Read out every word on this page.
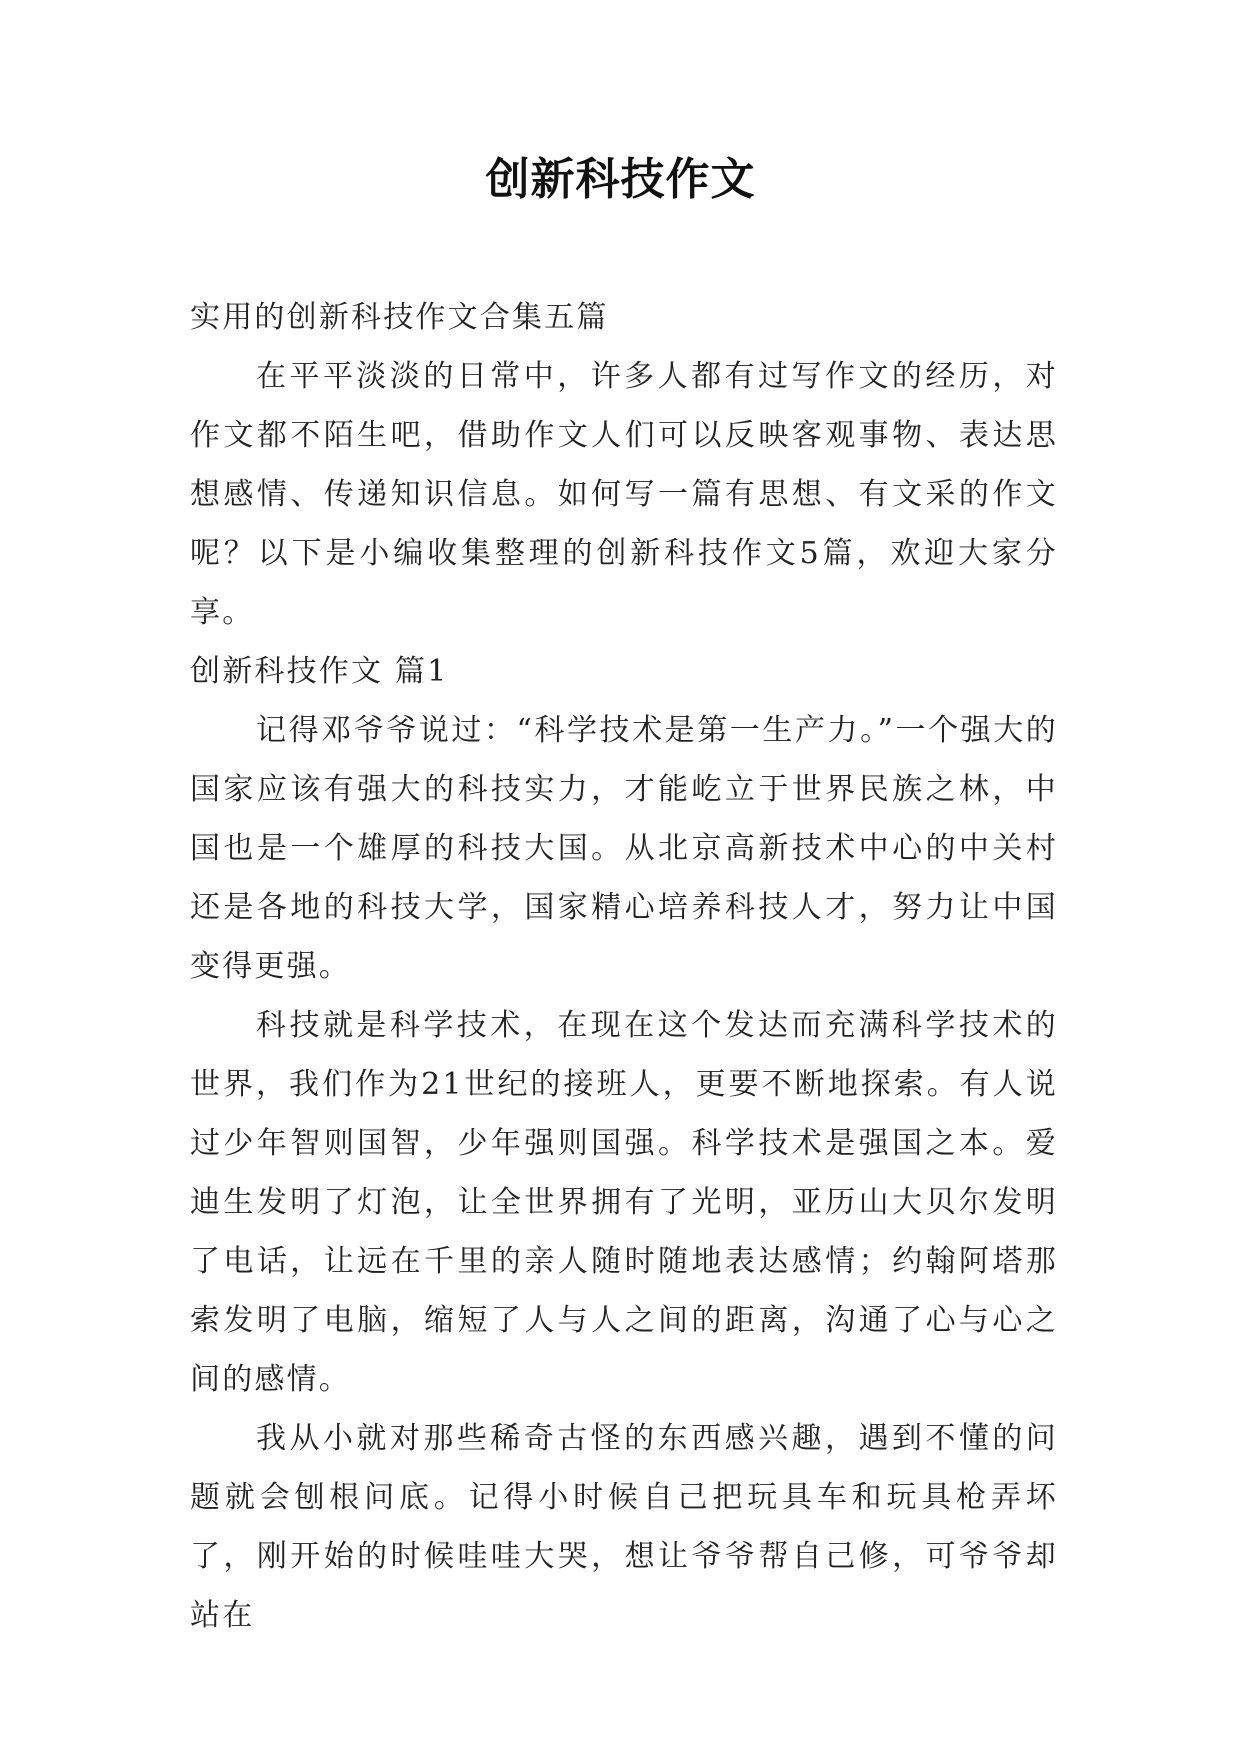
创新科技作文

实用的创新科技作文合集五篇

在平平淡淡的日常中，许多人都有过写作文的经历，对作文都不陌生吧，借助作文人们可以反映客观事物、表达思想感情、传递知识信息。如何写一篇有思想、有文采的作文呢？以下是小编收集整理的创新科技作文5篇，欢迎大家分享。

创新科技作文 篇1

记得邓爷爷说过：“科学技术是第一生产力。”一个强大的国家应该有强大的科技实力，才能屹立于世界民族之林，中国也是一个雄厚的科技大国。从北京高新技术中心的中关村还是各地的科技大学，国家精心培养科技人才，努力让中国变得更强。

科技就是科学技术，在现在这个发达而充满科学技术的世界，我们作为21世纪的接班人，更要不断地探索。有人说过少年智则国智，少年强则国强。科学技术是强国之本。爱迪生发明了灯泡，让全世界拥有了光明，亚历山大贝尔发明了电话，让远在千里的亲人随时随地表达感情；约翰阿塔那索发明了电脑，缩短了人与人之间的距离，沟通了心与心之间的感情。

我从小就对那些稀奇古怪的东西感兴趣，遇到不懂的问题就会刨根问底。记得小时候自己把玩具车和玩具枪弄坏了，刚开始的时候哇哇大哭，想让爷爷帮自己修，可爷爷却站在
